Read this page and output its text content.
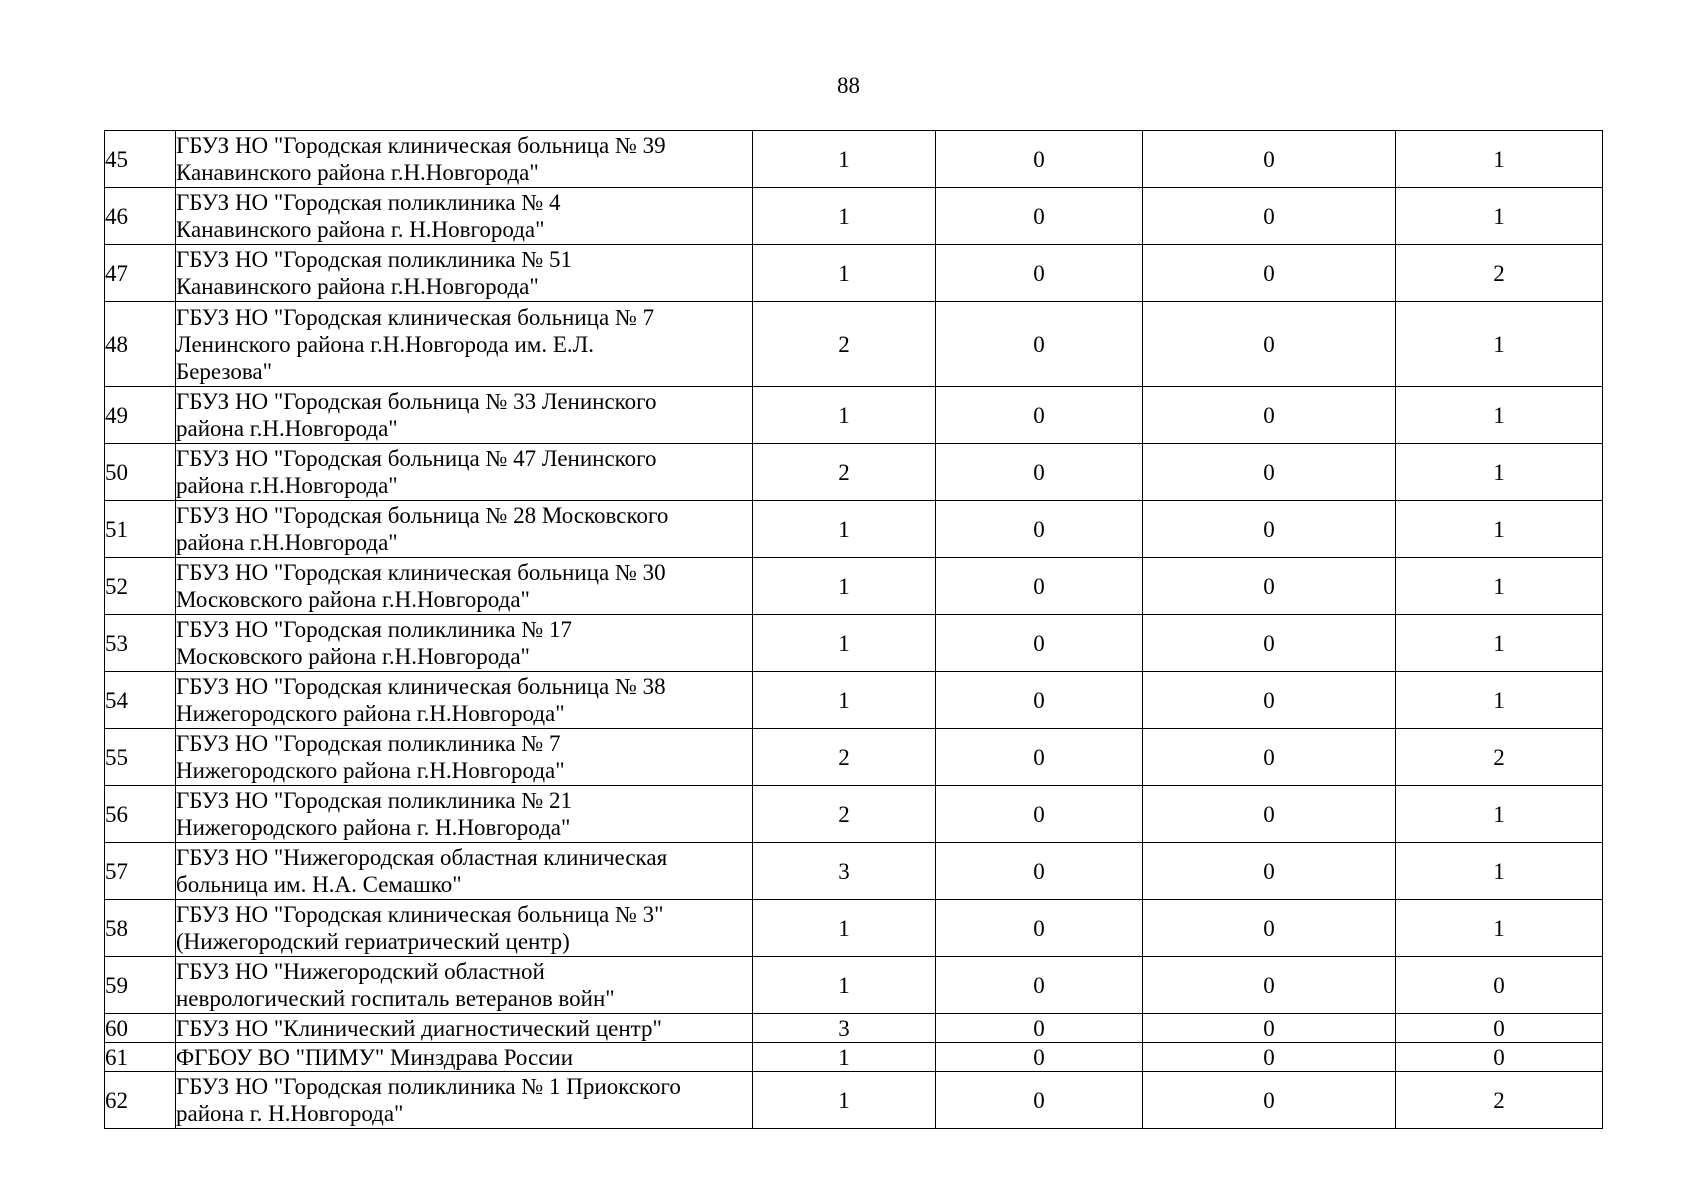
88
45	ГБУЗ НО "Городская клиническая больница № 39
Канавинского района г.Н.Новгорода"	1	0	0	1
46	ГБУЗ НО "Городская поликлиника № 4
Канавинского района г. Н.Новгорода"	1	0	0	1
47	ГБУЗ НО "Городская поликлиника № 51
Канавинского района г.Н.Новгорода"	1	0	0	2
48	ГБУЗ НО "Городская клиническая больница № 7
Ленинского района г.Н.Новгорода им. Е.Л.
Березова"	2	0	0	1
49	ГБУЗ НО "Городская больница № 33 Ленинского
района г.Н.Новгорода"	1	0	0	1
50	ГБУЗ НО "Городская больница № 47 Ленинского
района г.Н.Новгорода"	2	0	0	1
51	ГБУЗ НО "Городская больница № 28 Московского
района г.Н.Новгорода"	1	0	0	1
52	ГБУЗ НО "Городская клиническая больница № 30
Московского района г.Н.Новгорода"	1	0	0	1
53	ГБУЗ НО "Городская поликлиника № 17
Московского района г.Н.Новгорода"	1	0	0	1
54	ГБУЗ НО "Городская клиническая больница № 38
Нижегородского района г.Н.Новгорода"	1	0	0	1
55	ГБУЗ НО "Городская поликлиника № 7
Нижегородского района г.Н.Новгорода"	2	0	0	2
56	ГБУЗ НО "Городская поликлиника № 21
Нижегородского района г. Н.Новгорода"	2	0	0	1
57	ГБУЗ НО "Нижегородская областная клиническая
больница им. Н.А. Семашко"	3	0	0	1
58	ГБУЗ НО "Городская клиническая больница № 3"
(Нижегородский гериатрический центр)	1	0	0	1
59	ГБУЗ НО "Нижегородский областной
неврологический госпиталь ветеранов войн"	1	0	0	0
60	ГБУЗ НО "Клинический диагностический центр"	3	0	0	0
61	ФГБОУ ВО "ПИМУ" Минздрава России	1	0	0	0
62	ГБУЗ НО "Городская поликлиника № 1 Приокского
района г. Н.Новгорода"	1	0	0	2
